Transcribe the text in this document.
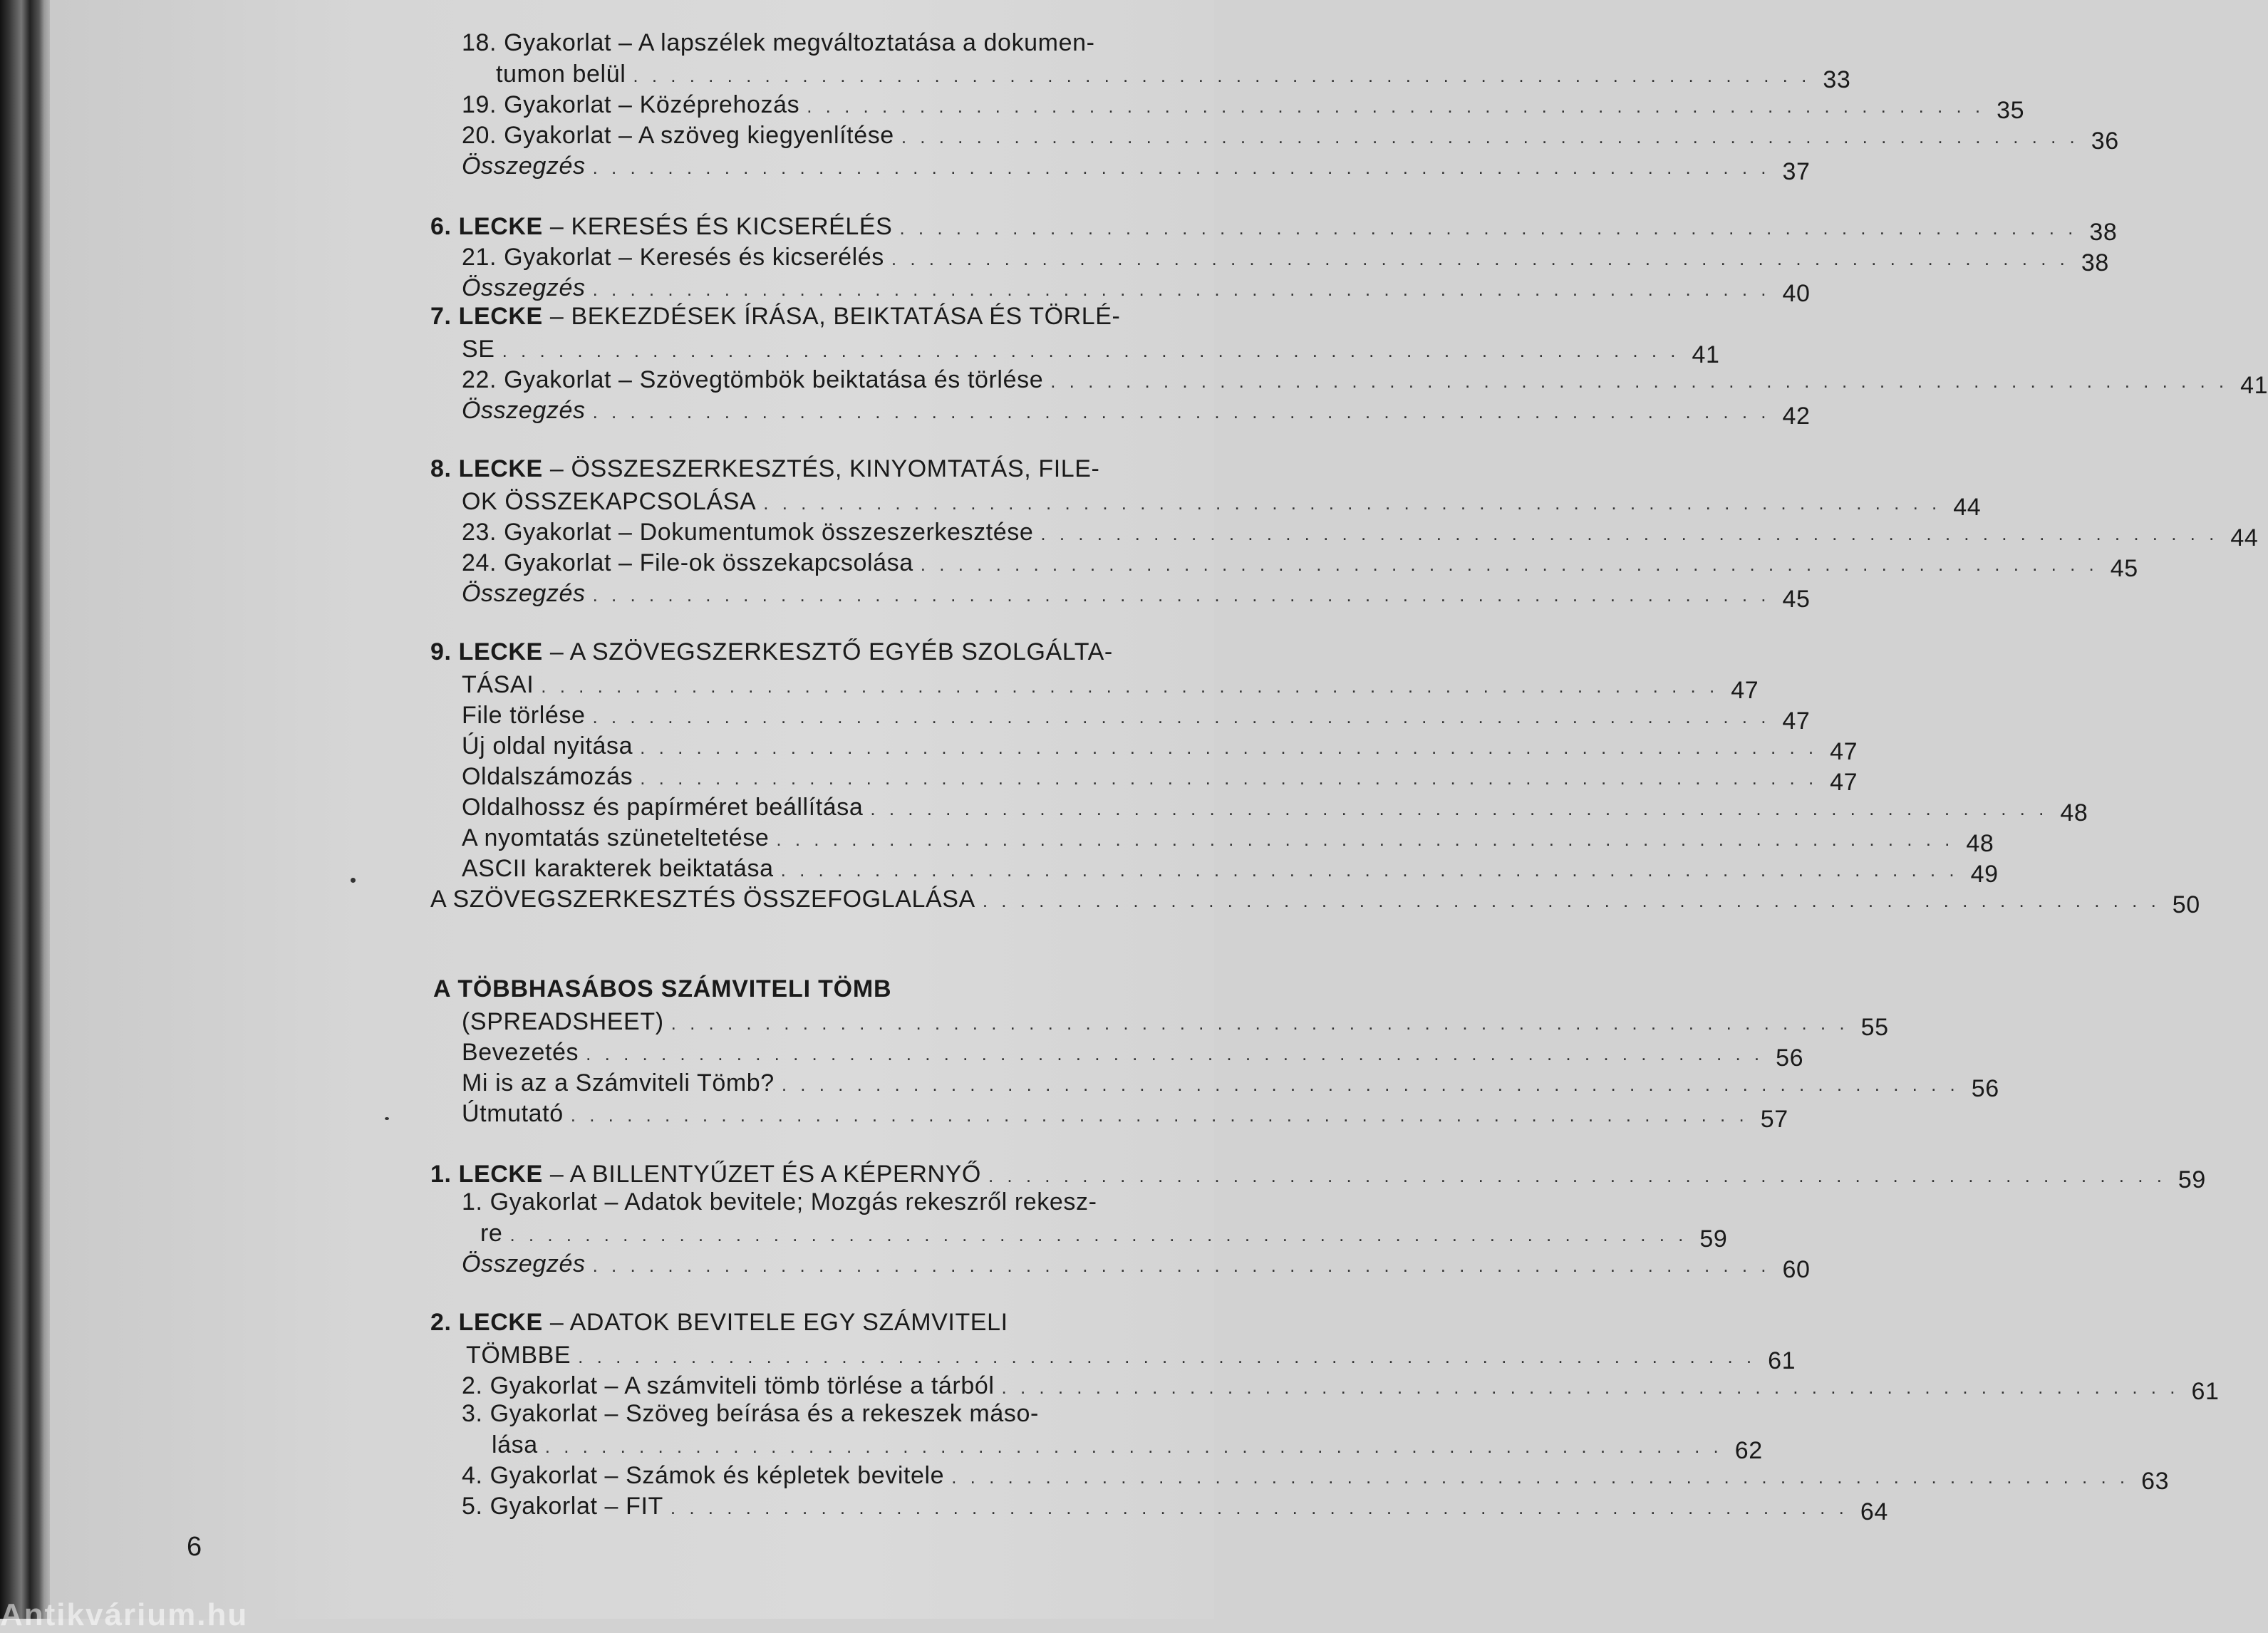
18. Gyakorlat – A lapszélek megváltoztatása a dokumen-
tumon belül . . . . . . . . . . . . . . . . . . . . . . . . . . . . . . . . . . . . . . . . . . . . . . . . . . . . . . . . . . . . . . . 33
19. Gyakorlat – Középrehozás . . . . . . . . . . . . . . . . . . . . . . . . . . . . . . . . . . . . . . . . . . . . . . . . . . . . . . . . . . . . . . . 35
20. Gyakorlat – A szöveg kiegyenlítése . . . . . . . . . . . . . . . . . . . . . . . . . . . . . . . . . . . . . . . . . . . . . . . . . . . . . . . . . . . . . . . 36
Összegzés . . . . . . . . . . . . . . . . . . . . . . . . . . . . . . . . . . . . . . . . . . . . . . . . . . . . . . . . . . . . . . . 37
6. LECKE – KERESÉS ÉS KICSERÉLÉS . . . . . . . . . . . . . . . . . . . . . . . . . . . . . . . . . . . . . . . . . . . . . . . . . . . . . . . . . . . . . . . 38
21. Gyakorlat – Keresés és kicserélés . . . . . . . . . . . . . . . . . . . . . . . . . . . . . . . . . . . . . . . . . . . . . . . . . . . . . . . . . . . . . . . 38
Összegzés . . . . . . . . . . . . . . . . . . . . . . . . . . . . . . . . . . . . . . . . . . . . . . . . . . . . . . . . . . . . . . . 40
7. LECKE – BEKEZDÉSEK ÍRÁSA, BEIKTATÁSA ÉS TÖRLÉ-
SE . . . . . . . . . . . . . . . . . . . . . . . . . . . . . . . . . . . . . . . . . . . . . . . . . . . . . . . . . . . . . . . 41
22. Gyakorlat – Szövegtömbök beiktatása és törlése . . . . . . . . . . . . . . . . . . . . . . . . . . . . . . . . . . . . . . . . . . . . . . . . . . . . . . . . . . . . . . . 41
Összegzés . . . . . . . . . . . . . . . . . . . . . . . . . . . . . . . . . . . . . . . . . . . . . . . . . . . . . . . . . . . . . . . 42
8. LECKE – ÖSSZESZERKESZTÉS, KINYOMTATÁS, FILE-
OK ÖSSZEKAPCSOLÁSA . . . . . . . . . . . . . . . . . . . . . . . . . . . . . . . . . . . . . . . . . . . . . . . . . . . . . . . . . . . . . . . 44
23. Gyakorlat – Dokumentumok összeszerkesztése . . . . . . . . . . . . . . . . . . . . . . . . . . . . . . . . . . . . . . . . . . . . . . . . . . . . . . . . . . . . . . . 44
24. Gyakorlat – File-ok összekapcsolása . . . . . . . . . . . . . . . . . . . . . . . . . . . . . . . . . . . . . . . . . . . . . . . . . . . . . . . . . . . . . . . 45
Összegzés . . . . . . . . . . . . . . . . . . . . . . . . . . . . . . . . . . . . . . . . . . . . . . . . . . . . . . . . . . . . . . . 45
9. LECKE – A SZÖVEGSZERKESZTŐ EGYÉB SZOLGÁLTA-
TÁSAI . . . . . . . . . . . . . . . . . . . . . . . . . . . . . . . . . . . . . . . . . . . . . . . . . . . . . . . . . . . . . . . 47
File törlése . . . . . . . . . . . . . . . . . . . . . . . . . . . . . . . . . . . . . . . . . . . . . . . . . . . . . . . . . . . . . . . 47
Új oldal nyitása . . . . . . . . . . . . . . . . . . . . . . . . . . . . . . . . . . . . . . . . . . . . . . . . . . . . . . . . . . . . . . . 47
Oldalszámozás . . . . . . . . . . . . . . . . . . . . . . . . . . . . . . . . . . . . . . . . . . . . . . . . . . . . . . . . . . . . . . . 47
Oldalhossz és papírméret beállítása . . . . . . . . . . . . . . . . . . . . . . . . . . . . . . . . . . . . . . . . . . . . . . . . . . . . . . . . . . . . . . . 48
A nyomtatás szüneteltetése . . . . . . . . . . . . . . . . . . . . . . . . . . . . . . . . . . . . . . . . . . . . . . . . . . . . . . . . . . . . . . . 48
ASCII karakterek beiktatása . . . . . . . . . . . . . . . . . . . . . . . . . . . . . . . . . . . . . . . . . . . . . . . . . . . . . . . . . . . . . . . 49
A SZÖVEGSZERKESZTÉS ÖSSZEFOGLALÁSA . . . . . . . . . . . . . . . . . . . . . . . . . . . . . . . . . . . . . . . . . . . . . . . . . . . . . . . . . . . . . . . 50
A TÖBBHASÁBOS SZÁMVITELI TÖMB
(SPREADSHEET) . . . . . . . . . . . . . . . . . . . . . . . . . . . . . . . . . . . . . . . . . . . . . . . . . . . . . . . . . . . . . . . 55
Bevezetés . . . . . . . . . . . . . . . . . . . . . . . . . . . . . . . . . . . . . . . . . . . . . . . . . . . . . . . . . . . . . . . 56
Mi is az a Számviteli Tömb? . . . . . . . . . . . . . . . . . . . . . . . . . . . . . . . . . . . . . . . . . . . . . . . . . . . . . . . . . . . . . . . 56
Útmutató . . . . . . . . . . . . . . . . . . . . . . . . . . . . . . . . . . . . . . . . . . . . . . . . . . . . . . . . . . . . . . . 57
1. LECKE – A BILLENTYŰZET ÉS A KÉPERNYŐ . . . . . . . . . . . . . . . . . . . . . . . . . . . . . . . . . . . . . . . . . . . . . . . . . . . . . . . . . . . . . . . 59
1. Gyakorlat – Adatok bevitele; Mozgás rekeszről rekesz-
re . . . . . . . . . . . . . . . . . . . . . . . . . . . . . . . . . . . . . . . . . . . . . . . . . . . . . . . . . . . . . . . 59
Összegzés . . . . . . . . . . . . . . . . . . . . . . . . . . . . . . . . . . . . . . . . . . . . . . . . . . . . . . . . . . . . . . . 60
2. LECKE – ADATOK BEVITELE EGY SZÁMVITELI
TÖMBBE . . . . . . . . . . . . . . . . . . . . . . . . . . . . . . . . . . . . . . . . . . . . . . . . . . . . . . . . . . . . . . . 61
2. Gyakorlat – A számviteli tömb törlése a tárból . . . . . . . . . . . . . . . . . . . . . . . . . . . . . . . . . . . . . . . . . . . . . . . . . . . . . . . . . . . . . . . 61
3. Gyakorlat – Szöveg beírása és a rekeszek máso-
lása . . . . . . . . . . . . . . . . . . . . . . . . . . . . . . . . . . . . . . . . . . . . . . . . . . . . . . . . . . . . . . . 62
4. Gyakorlat – Számok és képletek bevitele . . . . . . . . . . . . . . . . . . . . . . . . . . . . . . . . . . . . . . . . . . . . . . . . . . . . . . . . . . . . . . . 63
5. Gyakorlat – FIT . . . . . . . . . . . . . . . . . . . . . . . . . . . . . . . . . . . . . . . . . . . . . . . . . . . . . . . . . . . . . . . 64
6
Antikvárium.hu
